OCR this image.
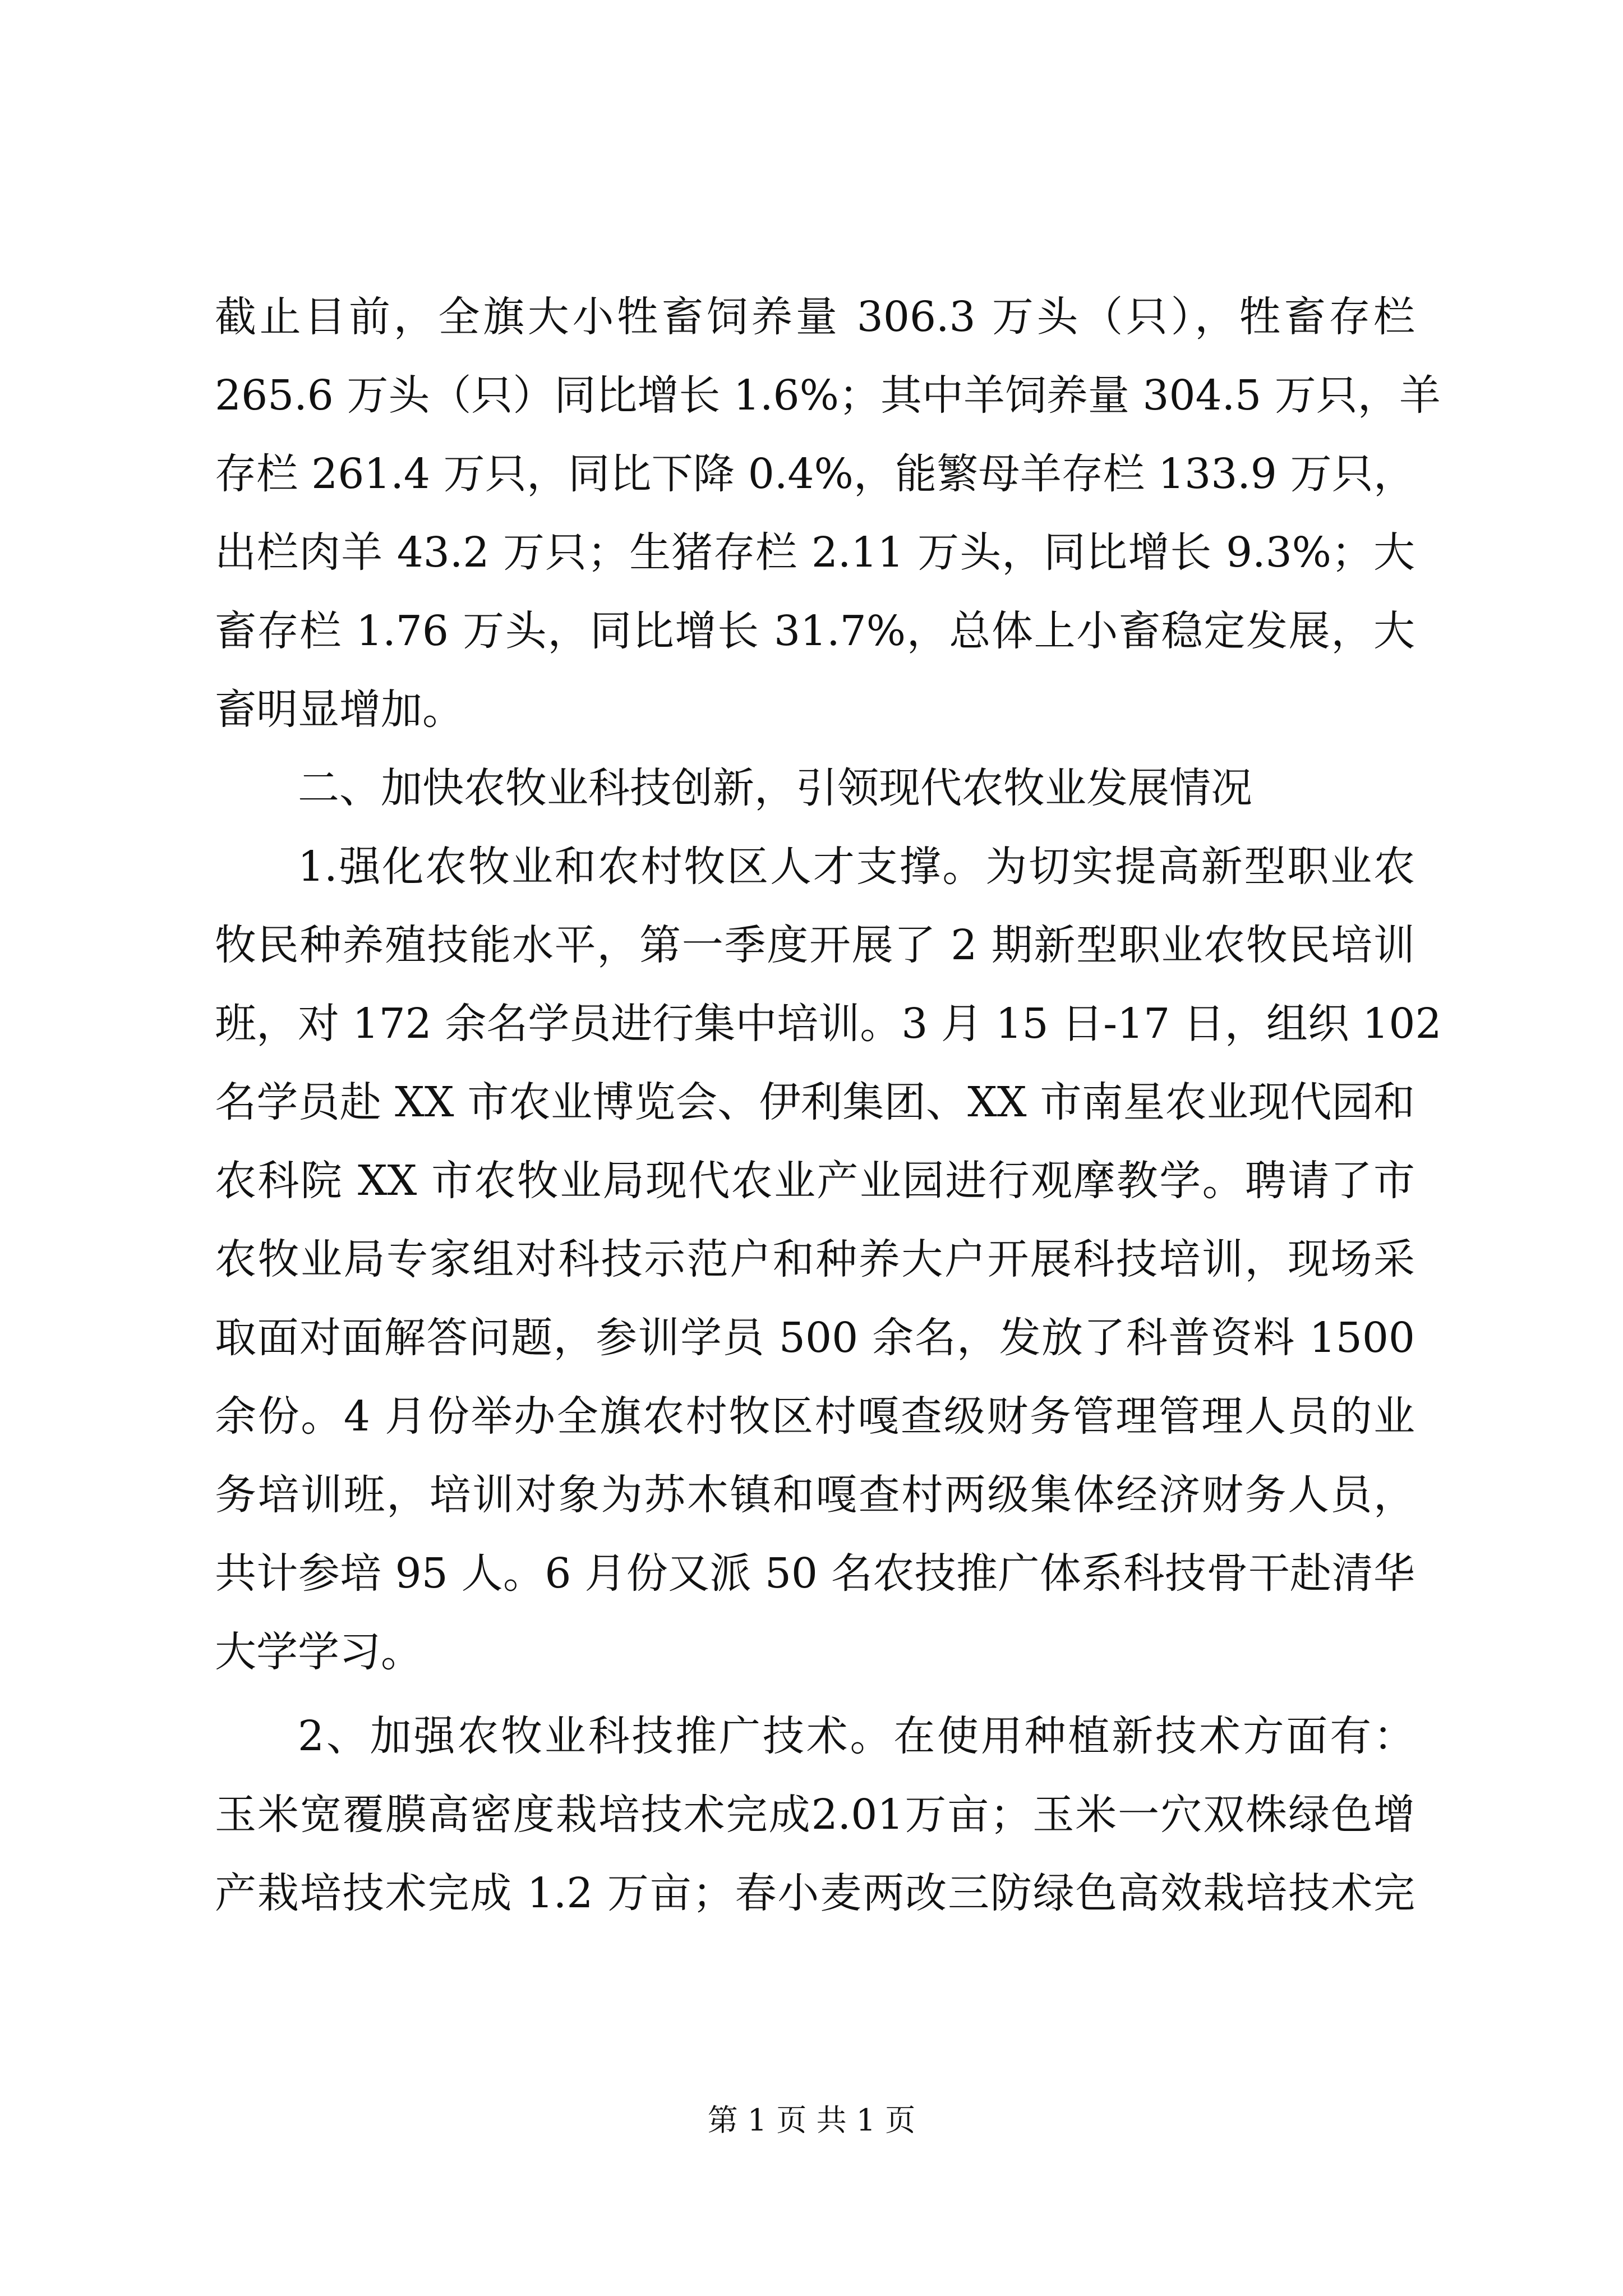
截止目前，全旗大小牲畜饲养量 306.3 万头（只），牲畜存栏
265.6 万头（只）同比增长 1.6%；其中羊饲养量 304.5 万只，羊
存栏 261.4 万只，同比下降 0.4%，能繁母羊存栏 133.9 万只，
出栏肉羊 43.2 万只；生猪存栏 2.11 万头，同比增长 9.3%；大
畜存栏 1.76 万头，同比增长 31.7%，总体上小畜稳定发展，大
畜明显增加。
二、加快农牧业科技创新，引领现代农牧业发展情况
1.强化农牧业和农村牧区人才支撑。为切实提高新型职业农
牧民种养殖技能水平，第一季度开展了 2 期新型职业农牧民培训
班，对 172 余名学员进行集中培训。3 月 15 日-17 日，组织 102
名学员赴 XX 市农业博览会、伊利集团、XX 市南星农业现代园和
农科院 XX 市农牧业局现代农业产业园进行观摩教学。聘请了市
农牧业局专家组对科技示范户和种养大户开展科技培训，现场采
取面对面解答问题，参训学员 500 余名，发放了科普资料 1500
余份。4 月份举办全旗农村牧区村嘎查级财务管理管理人员的业
务培训班，培训对象为苏木镇和嘎查村两级集体经济财务人员，
共计参培 95 人。6 月份又派 50 名农技推广体系科技骨干赴清华
大学学习。
2、加强农牧业科技推广技术。在使用种植新技术方面有：
玉米宽覆膜高密度栽培技术完成2.01万亩；玉米一穴双株绿色增
产栽培技术完成 1.2 万亩；春小麦两改三防绿色高效栽培技术完
第 1 页 共 1 页
